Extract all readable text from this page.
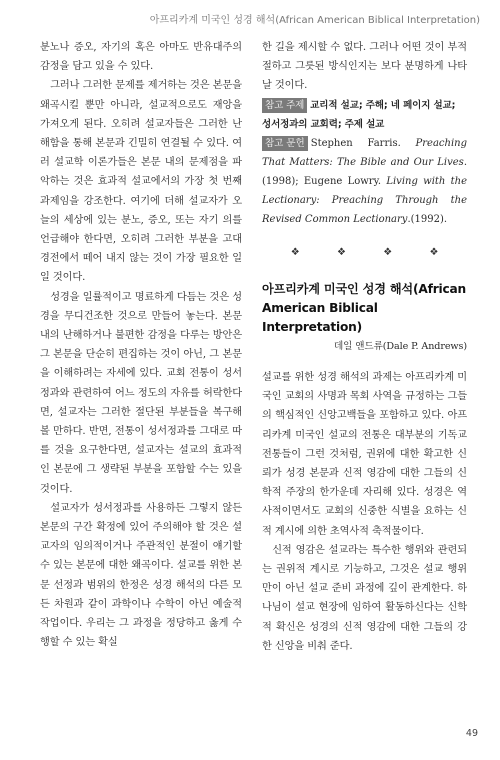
아프리카계 미국인 성경 해석(African American Biblical Interpretation)

분노나 증오, 자기의 혹은 아마도 반유대주의 감정을 담고 있을 수 있다.

그러나 그러한 문제를 제거하는 것은 본문을 왜곡시킬 뿐만 아니라, 설교적으로도 재앙을 가져오게 된다. 오히려 설교자들은 그러한 난해함을 통해 본문과 긴밀히 연결될 수 있다. 여러 설교학 이론가들은 본문 내의 문제점을 파악하는 것은 효과적 설교에서의 가장 첫 번째 과제임을 강조한다. 여기에 더해 설교자가 오늘의 세상에 있는 분노, 증오, 또는 자기 의를 언급해야 한다면, 오히려 그러한 부분을 고대 경전에서 떼어 내지 않는 것이 가장 필요한 일일 것이다.

성경을 일률적이고 명료하게 다듬는 것은 성경을 무디건조한 것으로 만들어 놓는다. 본문 내의 난해하거나 불편한 감정을 다루는 방안은 그 본문을 단순히 편집하는 것이 아닌, 그 본문을 이해하려는 자세에 있다. 교회 전통이 성서정과와 관련하여 어느 정도의 자유를 허락한다면, 설교자는 그러한 절단된 부분들을 복구해 볼 만하다. 반면, 전통이 성서정과를 그대로 따를 것을 요구한다면, 설교자는 설교의 효과적인 본문에 그 생략된 부분을 포함할 수는 있을 것이다.

설교자가 성서정과를 사용하든 그렇지 않든 본문의 구간 확정에 있어 주의해야 할 것은 설교자의 임의적이거나 주관적인 분절이 얘기할 수 있는 본문에 대한 왜곡이다. 설교를 위한 본문 선정과 범위의 한정은 성경 해석의 다른 모든 차원과 같이 과학이나 수학이 아닌 예술적 작업이다. 우리는 그 과정을 정당하고 옳게 수행할 수 있는 확실

한 길을 제시할 수 없다. 그러나 어떤 것이 부적절하고 그릇된 방식인지는 보다 분명하게 나타날 것이다.

참고 주제 교리적 설교; 주해; 네 페이지 설교; 성서정과의 교회력; 주제 설교

참고 문헌 Stephen Farris. Preaching That Matters: The Bible and Our Lives.(1998); Eugene Lowry. Living with the Lectionary: Preaching Through the Revised Common Lectionary.(1992).

❖	❖	❖	❖
아프리카계 미국인 성경 해석(African American Biblical Interpretation)
데일 앤드류(Dale P. Andrews)

설교를 위한 성경 해석의 과제는 아프리카계 미국인 교회의 사명과 목회 사역을 규정하는 그들의 핵심적인 신앙고백들을 포함하고 있다. 아프리카계 미국인 설교의 전통은 대부분의 기독교 전통들이 그런 것처럼, 권위에 대한 확고한 신뢰가 성경 본문과 신적 영감에 대한 그들의 신학적 주장의 한가운데 자리해 있다. 성경은 역사적이면서도 교회의 신중한 식별을 요하는 신적 계시에 의한 초역사적 축적물이다.

신적 영감은 설교라는 특수한 행위와 관련되는 권위적 계시로 기능하고, 그것은 설교 행위만이 아닌 설교 준비 과정에 깊이 관계한다. 하나님이 설교 현장에 임하여 활동하신다는 신학적 확신은 성경의 신적 영감에 대한 그들의 강한 신앙을 비춰 준다.

49
